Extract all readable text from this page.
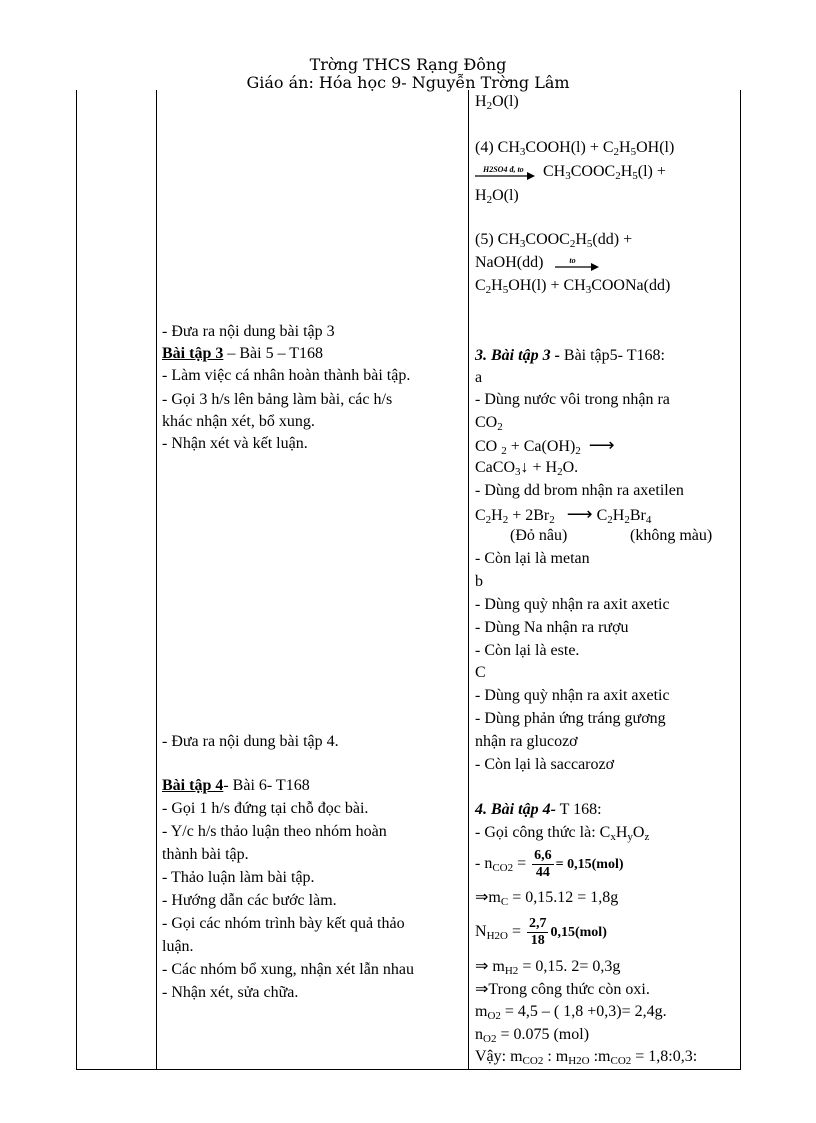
Trờng THCS Rạng Đông
Giáo án: Hóa học 9- Nguyễn Trờng Lâm
- Đưa ra nội dung bài tập 3
Bài tập 3 – Bài 5 – T168
- Làm việc cá nhân hoàn thành bài tập.
- Gọi 3 h/s lên bảng làm bài, các h/s
khác nhận xét, bổ xung.
- Nhận xét và kết luận.
- Đưa ra nội dung bài tập 4.
Bài tập 4- Bài 6- T168
- Gọi 1 h/s đứng tại chỗ đọc bài.
- Y/c h/s thảo luận theo nhóm hoàn
thành bài tập.
- Thảo luận làm bài tập.
- Hướng dẫn các bước làm.
- Gọi các nhóm trình bày kết quả thảo
luận.
- Các nhóm bổ xung, nhận xét lẫn nhau
- Nhận xét, sửa chữa.
$H_2O(l)$
(4) $CH_3COOH(l) + C_2H_5OH(l)$
H2SO4 đ, to $CH_3COOC_2H_5(l)$ +
$H_2O(l)$
(5) $CH_3COOC_2H_5(dd)$ +
NaOH(dd)	to
$C_2H_5OH(l)$ + $CH_3COONa(dd)$
3. Bài tập 3 - Bài tập5- T168:
a
- Dùng nước vôi trong nhận ra
$CO_2$
CO $_2 + Ca(OH)_2$ ⟶
CaCO$_3$↓ + $H_2O$.
- Dùng dd brom nhận ra axetilen
$C_2H_2 + 2Br_2$ ⟶ $C_2H_2Br_4$
(Đỏ nâu)	(không màu)
- Còn lại là metan
b
- Dùng quỳ nhận ra axit axetic
- Dùng Na nhận ra rượu
- Còn lại là este.
C
- Dùng quỳ nhận ra axit axetic
- Dùng phản ứng tráng gương
nhận ra glucozơ
- Còn lại là saccarozơ
4. Bài tập 4- T 168:
- Gọi công thức là: $C_xH_yO_z$
- $n_{CO2} = \frac{6,6}{44} = 0,15(mol)$
$\Rightarrow m_C = 0,15.12 = 1,8g$
$N_{H2O} = \frac{2,7}{18} 0,15(mol)$
⇒ $m_{H2} = 0,15$. 2= 0,3g
⇒Trong công thức còn oxi.
$m_{O2} = 4,5$ – ( 1,8 +0,3)= 2,4g.
$n_{O2} = 0.075$ (mol)
Vậy: $m_{CO2}$ : $m_{H2O}$ $:m_{CO2}$ = 1,8:0,3:
